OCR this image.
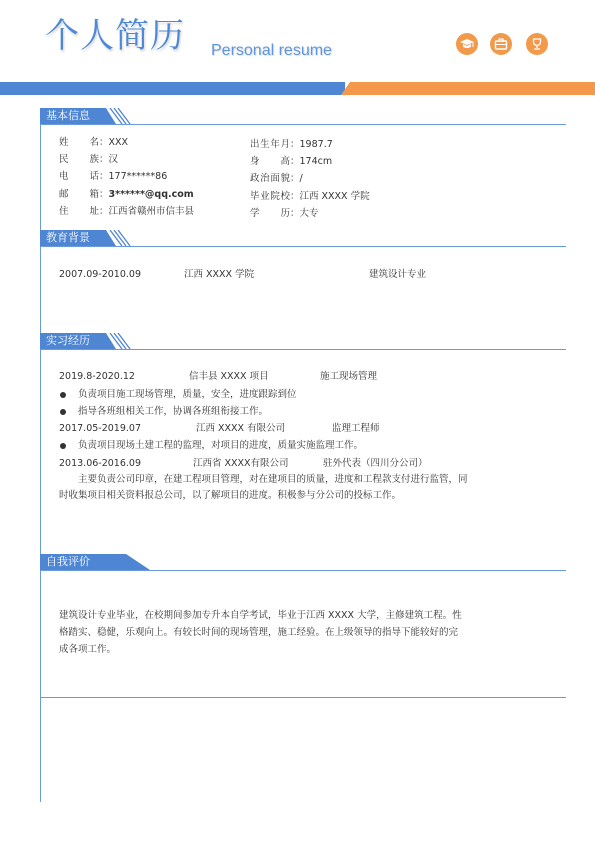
个人简历 Personal resume
基本信息
教育背景
实习经历
自我评价
姓名：XXX
民族：汉
电话：177******86
邮箱：3******@qq.com
住址：江西省赣州市信丰县
出生年月：1987.7
身高：174cm
政治面貌：/
毕业院校：江西 XXXX 学院
学历：大专
2007.09-2010.09	江西 XXXX 学院	建筑设计专业
2019.8-2020.12	信丰县 XXXX 项目	施工现场管理
负责项目施工现场管理，质量，安全，进度跟踪到位
指导各班组相关工作，协调各班组衔接工作。
2017.05-2019.07	江西 XXXX 有限公司	监理工程师
负责项目现场土建工程的监理，对项目的进度，质量实施监理工作。
2013.06-2016.09	江西省 XXXX有限公司	驻外代表（四川分公司）
主要负责公司印章，在建工程项目管理，对在建项目的质量，进度和工程款支付进行监管，同
时收集项目相关资料报总公司，以了解项目的进度。积极参与分公司的投标工作。
建筑设计专业毕业，在校期间参加专升本自学考试，毕业于江西 XXXX 大学，主修建筑工程。性
格踏实、稳健，乐观向上。有较长时间的现场管理，施工经验。在上级领导的指导下能较好的完
成各项工作。
